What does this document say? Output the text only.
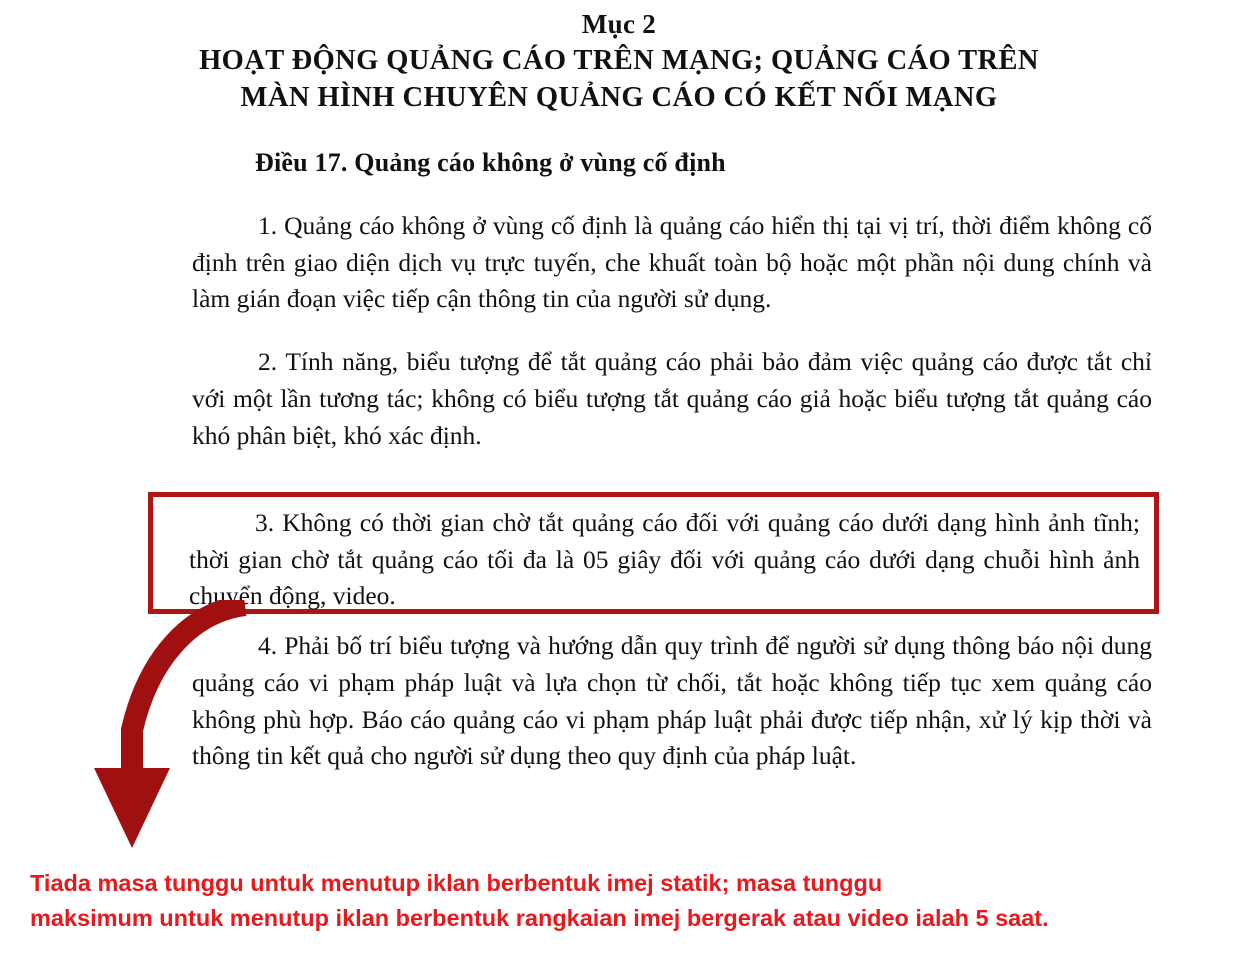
Mục 2
HOẠT ĐỘNG QUẢNG CÁO TRÊN MẠNG; QUẢNG CÁO TRÊN
MÀN HÌNH CHUYÊN QUẢNG CÁO CÓ KẾT NỐI MẠNG
Điều 17. Quảng cáo không ở vùng cố định

1. Quảng cáo không ở vùng cố định là quảng cáo hiển thị tại vị trí, thời điểm không cố định trên giao diện dịch vụ trực tuyến, che khuất toàn bộ hoặc một phần nội dung chính và làm gián đoạn việc tiếp cận thông tin của người sử dụng.

2. Tính năng, biểu tượng để tắt quảng cáo phải bảo đảm việc quảng cáo được tắt chỉ với một lần tương tác; không có biểu tượng tắt quảng cáo giả hoặc biểu tượng tắt quảng cáo khó phân biệt, khó xác định.

4. Phải bố trí biểu tượng và hướng dẫn quy trình để người sử dụng thông báo nội dung quảng cáo vi phạm pháp luật và lựa chọn từ chối, tắt hoặc không tiếp tục xem quảng cáo không phù hợp. Báo cáo quảng cáo vi phạm pháp luật phải được tiếp nhận, xử lý kịp thời và thông tin kết quả cho người sử dụng theo quy định của pháp luật.

3. Không có thời gian chờ tắt quảng cáo đối với quảng cáo dưới dạng hình ảnh tĩnh; thời gian chờ tắt quảng cáo tối đa là 05 giây đối với quảng cáo dưới dạng chuỗi hình ảnh chuyển động, video.

Tiada masa tunggu untuk menutup iklan berbentuk imej statik; masa tunggu
maksimum untuk menutup iklan berbentuk rangkaian imej bergerak atau video ialah 5 saat.
